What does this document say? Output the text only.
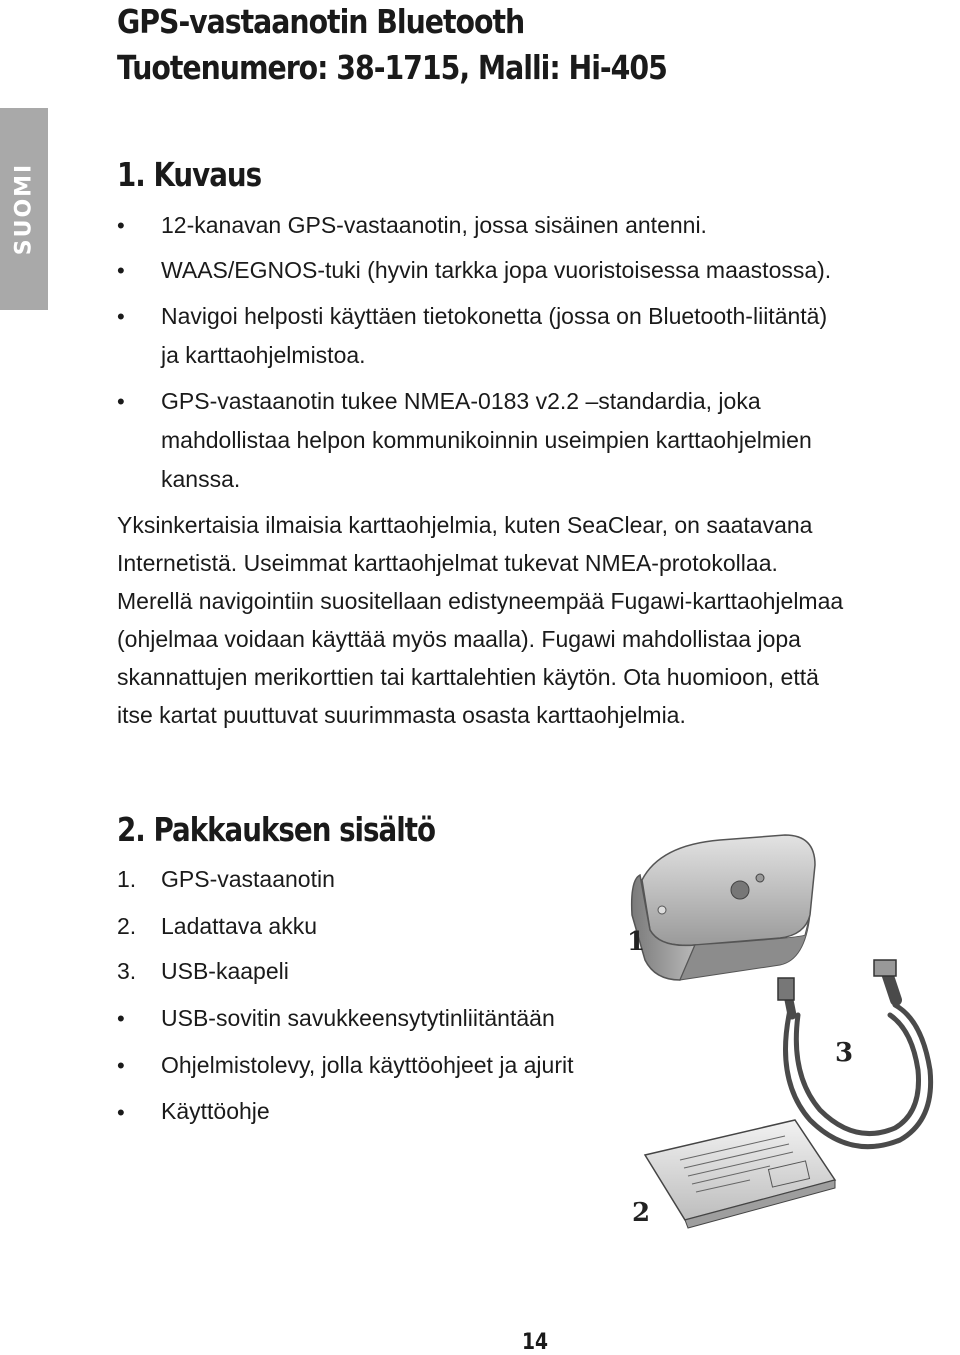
GPS-vastaanotin Bluetooth
Tuotenumero: 38-1715, Malli: Hi-405
SUOMI 1. Kuvaus
• 12-kanavan GPS-vastaanotin, jossa sisäinen antenni.
• WAAS/EGNOS-tuki (hyvin tarkka jopa vuoristoisessa maastossa).
• Navigoi helposti käyttäen tietokonetta (jossa on Bluetooth-liitäntä)
ja karttaohjelmistoa.
• GPS-vastaanotin tukee NMEA-0183 v2.2 –standardia, joka
mahdollistaa helpon kommunikoinnin useimpien karttaohjelmien
kanssa.
Yksinkertaisia ilmaisia karttaohjelmia, kuten SeaClear, on saatavana
Internetistä. Useimmat karttaohjelmat tukevat NMEA-protokollaa.
Merellä navigointiin suositellaan edistyneempää Fugawi-karttaohjelmaa
(ohjelmaa voidaan käyttää myös maalla). Fugawi mahdollistaa jopa
skannattujen merikorttien tai karttalehtien käytön. Ota huomioon, että
itse kartat puuttuvat suurimmasta osasta karttaohjelmia.
2. Pakkauksen sisältö
1. GPS-vastaanotin
2. Ladattava akku
3. USB-kaapeli
• USB-sovitin savukkeensytytinliitäntään
• Ohjelmistolevy, jolla käyttöohjeet ja ajurit
• Käyttöohje
1
3
2
14
